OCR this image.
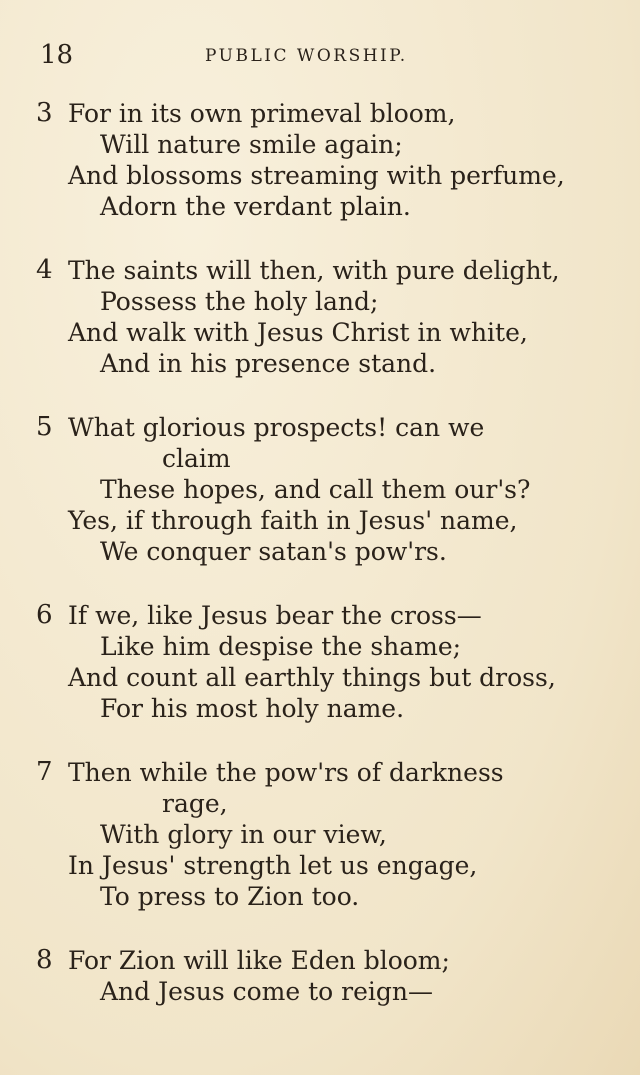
18	PUBLIC WORSHIP.
3 For in its own primeval bloom,
Will nature smile again;
And blossoms streaming with perfume,
Adorn the verdant plain.
4 The saints will then, with pure delight,
Possess the holy land;
And walk with Jesus Christ in white,
And in his presence stand.
5 What glorious prospects! can we
claim
These hopes, and call them our's?
Yes, if through faith in Jesus' name,
We conquer satan's pow'rs.
6 If we, like Jesus bear the cross—
Like him despise the shame;
And count all earthly things but dross,
For his most holy name.
7 Then while the pow'rs of darkness
rage,
With glory in our view,
In Jesus' strength let us engage,
To press to Zion too.
8 For Zion will like Eden bloom;
And Jesus come to reign—
